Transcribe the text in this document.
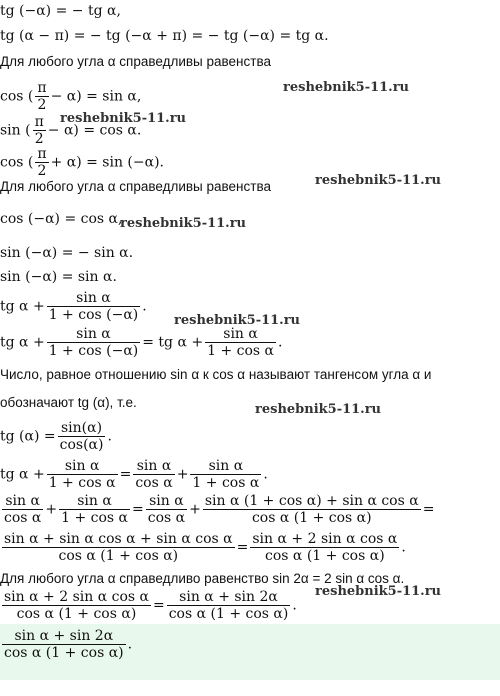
tg (−α) = − tg α,
tg (α − π) = − tg (−α + π) = − tg (−α) = tg α.
Для любого угла α справедливы равенства
cos ( $\frac{\pi}{2} - \alpha) = \sin \alpha$,
reshebnik5-11.ru
sin ( $\frac{\pi}{2} - \alpha) = \cos \alpha$.
reshebnik5-11.ru
cos ( $\frac{\pi}{2} + \alpha) = \sin (-\alpha)$.
Для любого угла α справедливы равенства	reshebnik5-11.ru
cos (−α) = cos α,
reshebnik5-11.ru
sin (−α) = − sin α.
sin (−α) = sin α.
tg $\alpha + \frac{\text{sin α}}{1 + \cos (-\alpha)}$ .
reshebnik5-11.ru
tg $\alpha + \frac{\text{sin α}}{1 + \cos (-\alpha)}$ = tg $\alpha + \frac{\text{sin α}}{\text{1 + cos α}}$ .
Число, равное отношению sin α к cos α называют тангенсом угла α и
обозначают tg (α), т.е.	reshebnik5-11.ru
tg $(\alpha) = \frac{\sin(\alpha)}{\cos(\alpha)}$ .
tg $\alpha + \frac{\text{sin α}}{\text{1 + cos α}} = \frac{\text{sin α}}{\text{cos α}} + \frac{\text{sin α}}{\text{1 + cos α}}$ .
$\frac{\text{sin α}}{\text{cos α}} + \frac{\text{sin α}}{\text{1 + cos α}} = \frac{\text{sin α}}{\text{cos α}} + \frac{\text{sin α (1 + cos α) + sin α cos α}}{\text{cos α (1 + cos α)}}$ =
$\frac{\text{sin α + sin α cos α + sin α cos α}}{\text{cos α (1 + cos α)}} = \frac{\text{sin α + 2 sin α cos α}}{\text{cos α (1 + cos α)}}$ .
Для любого угла α справедливо равенство sin 2α = 2 sin α cos α.
reshebnik5-11.ru
$\frac{\text{sin α + 2 sin α cos α}}{\text{cos α (1 + cos α)}} = \frac{\text{sin α + sin 2α}}{\text{cos α (1 + cos α)}}$ .
$\frac{\text{sin α + sin 2α}}{\text{cos α (1 + cos α)}}$ .
